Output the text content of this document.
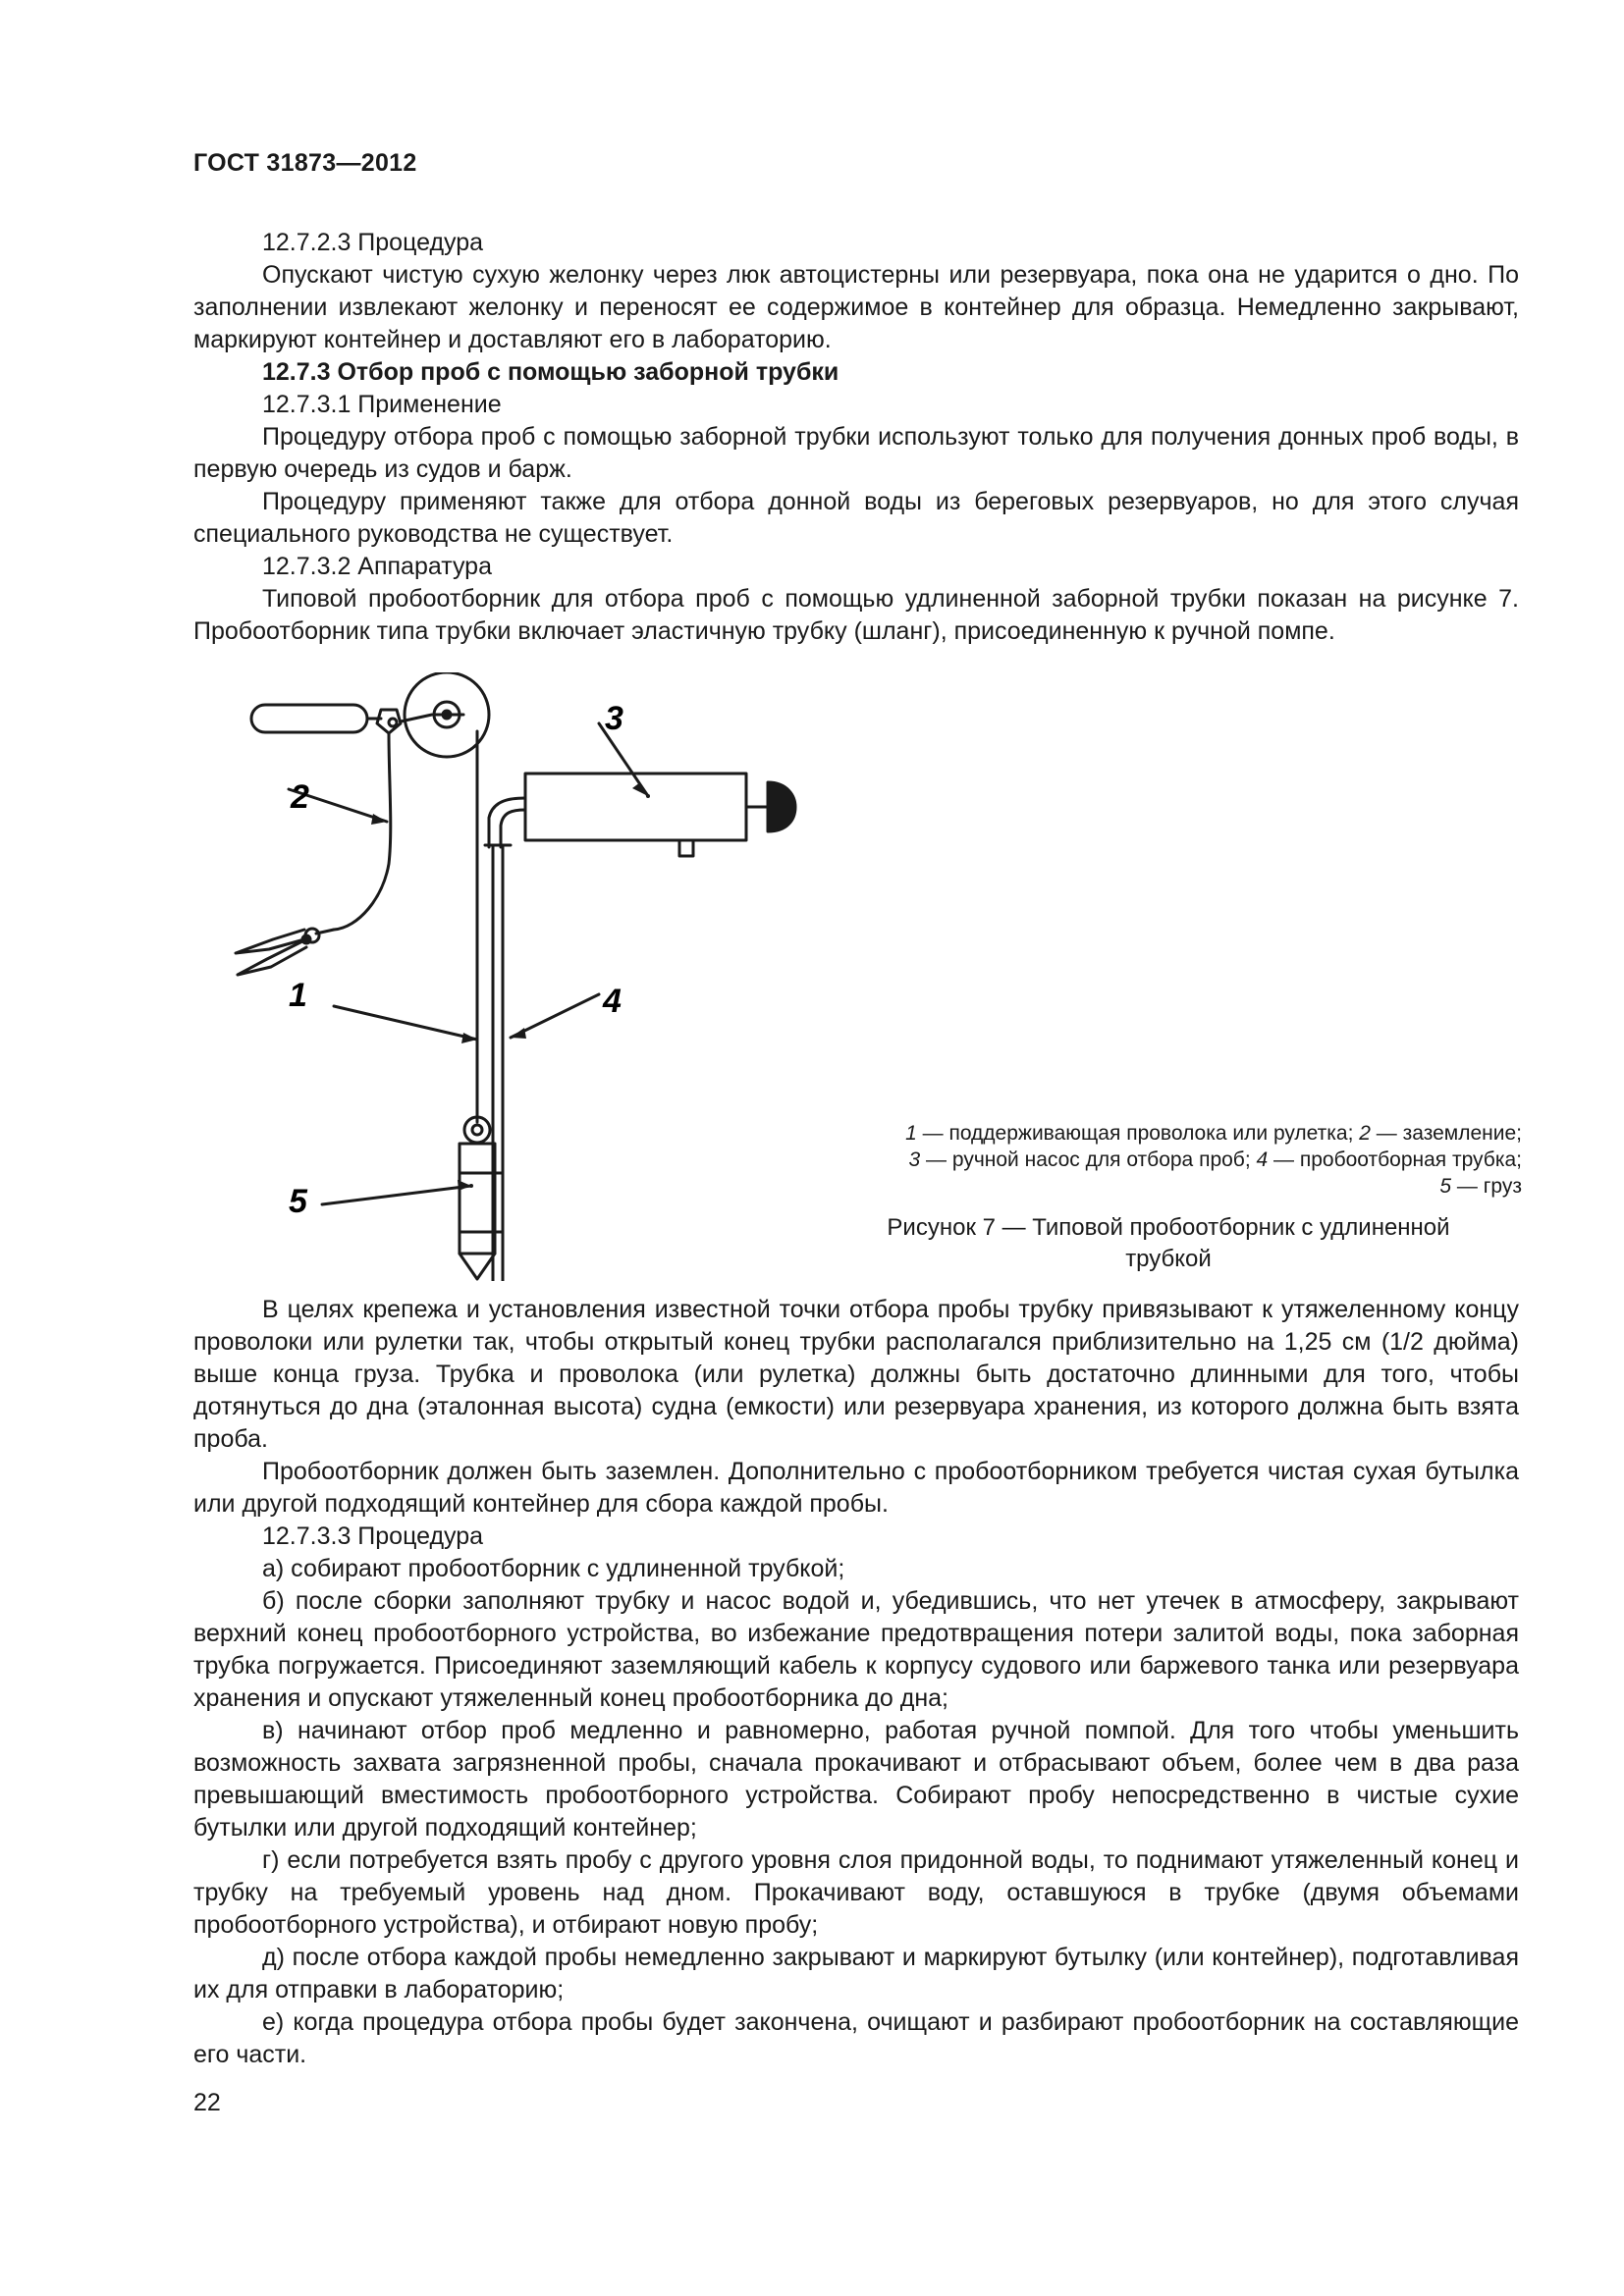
ГОСТ 31873—2012

12.7.2.3 Процедура

Опускают чистую сухую желонку через люк автоцистерны или резервуара, пока она не ударится о дно. По заполнении извлекают желонку и переносят ее содержимое в контейнер для образца. Немедленно закрывают, маркируют контейнер и доставляют его в лабораторию.

12.7.3 Отбор проб с помощью заборной трубки

12.7.3.1 Применение

Процедуру отбора проб с помощью заборной трубки используют только для получения донных проб воды, в первую очередь из судов и барж.

Процедуру применяют также для отбора донной воды из береговых резервуаров, но для этого случая специального руководства не существует.

12.7.3.2 Аппаратура

Типовой пробоотборник для отбора проб с помощью удлиненной заборной трубки показан на рисунке 7. Пробоотборник типа трубки включает эластичную трубку (шланг), присоединенную к ручной помпе.

1
2
3
4
5

1 — поддерживающая проволока или рулетка; 2 — заземление;

3 — ручной насос для отбора проб; 4 — пробоотборная трубка;

5 — груз

Рисунок 7 — Типовой пробоотборник с удлиненной трубкой

В целях крепежа и установления известной точки отбора пробы трубку привязывают к утяжеленному концу проволоки или рулетки так, чтобы открытый конец трубки располагался приблизительно на 1,25 см (1/2 дюйма) выше конца груза. Трубка и проволока (или рулетка) должны быть достаточно длинными для того, чтобы дотянуться до дна (эталонная высота) судна (емкости) или резервуара хранения, из которого должна быть взята проба.

Пробоотборник должен быть заземлен. Дополнительно с пробоотборником требуется чистая сухая бутылка или другой подходящий контейнер для сбора каждой пробы.

12.7.3.3 Процедура

а) собирают пробоотборник с удлиненной трубкой;

б) после сборки заполняют трубку и насос водой и, убедившись, что нет утечек в атмосферу, закрывают верхний конец пробоотборного устройства, во избежание предотвращения потери залитой воды, пока заборная трубка погружается. Присоединяют заземляющий кабель к корпусу судового или баржевого танка или резервуара хранения и опускают утяжеленный конец пробоотборника до дна;

в) начинают отбор проб медленно и равномерно, работая ручной помпой. Для того чтобы уменьшить возможность захвата загрязненной пробы, сначала прокачивают и отбрасывают объем, более чем в два раза превышающий вместимость пробоотборного устройства. Собирают пробу непосредственно в чистые сухие бутылки или другой подходящий контейнер;

г) если потребуется взять пробу с другого уровня слоя придонной воды, то поднимают утяжеленный конец и трубку на требуемый уровень над дном. Прокачивают воду, оставшуюся в трубке (двумя объемами пробоотборного устройства), и отбирают новую пробу;

д) после отбора каждой пробы немедленно закрывают и маркируют бутылку (или контейнер), подготавливая их для отправки в лабораторию;

е) когда процедура отбора пробы будет закончена, очищают и разбирают пробоотборник на составляющие его части.

22
